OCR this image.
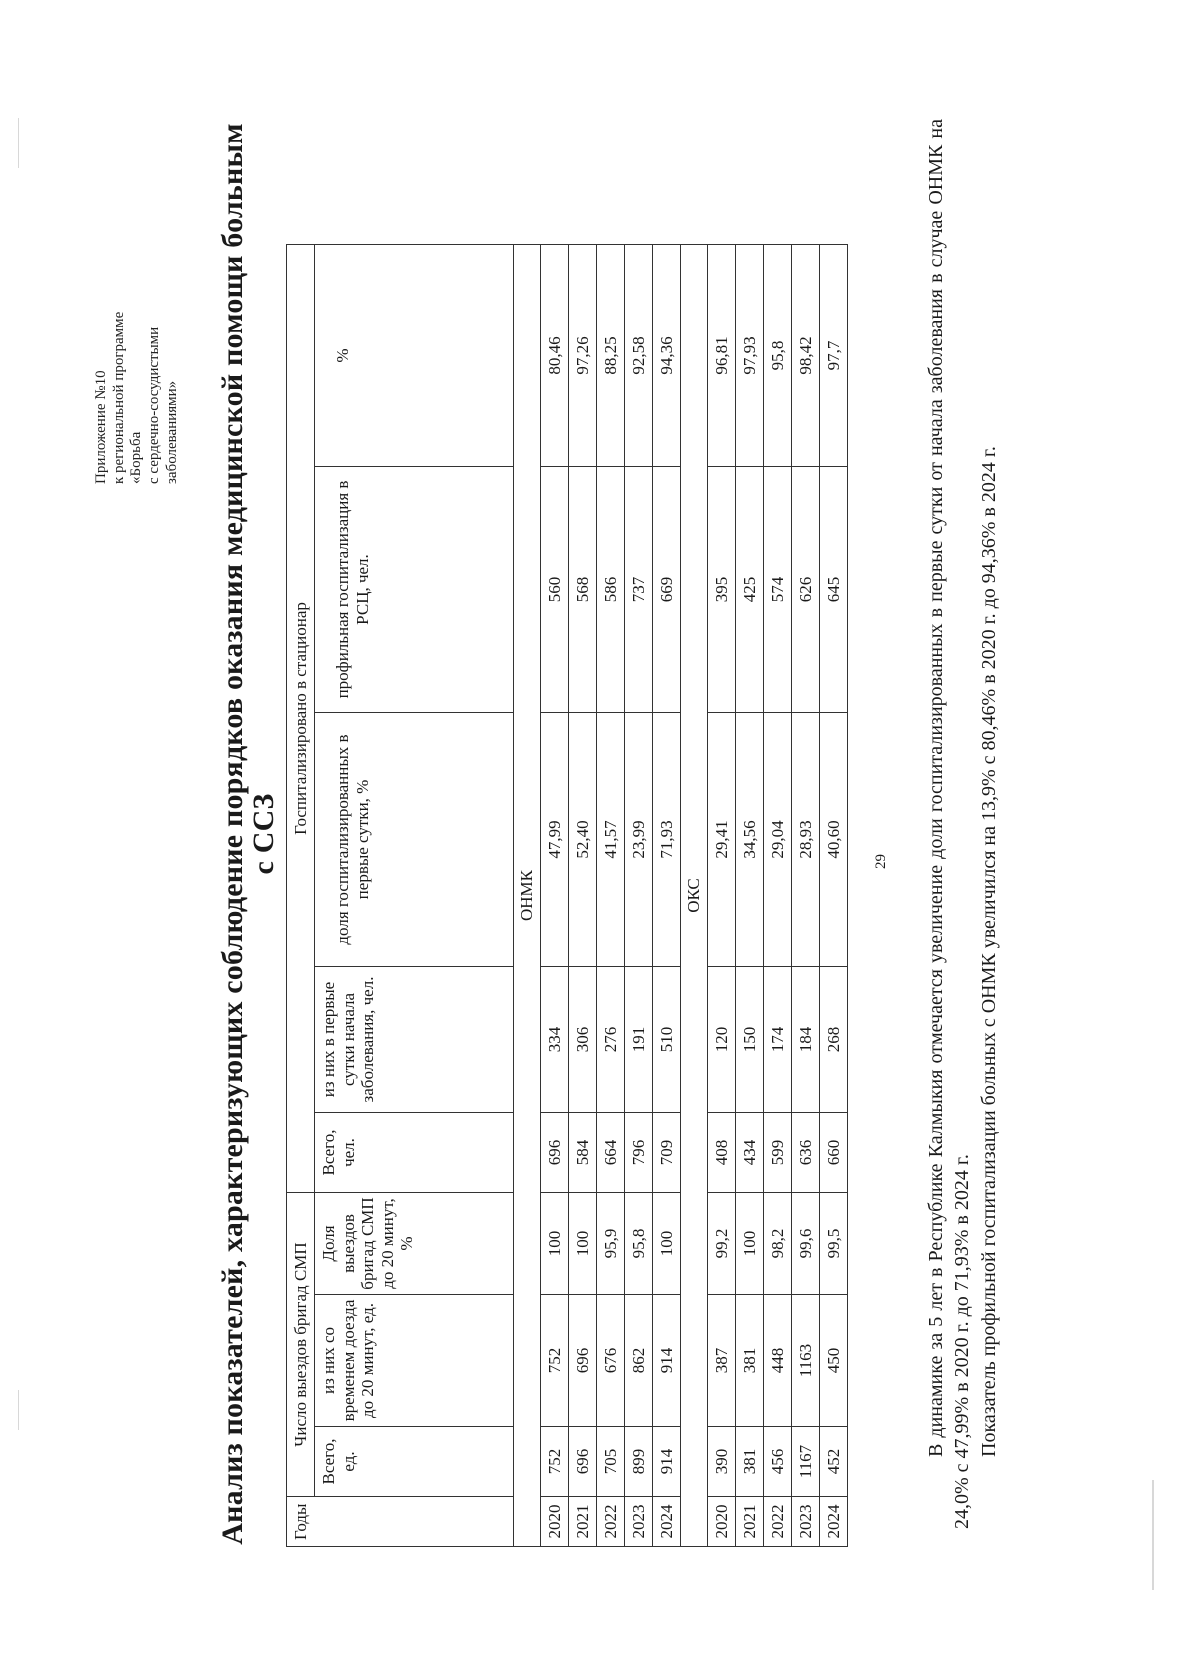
Приложение №10 к региональной программе «Борьба с сердечно-сосудистыми заболеваниями» Анализ показателей, характеризующих соблюдение порядков оказания медицинской помощи больным с ССЗ
Годы	Число выездов бригад СМП			Госпитализировано в стационар				
	Всего, ед.	из них со временем доезда до 20 минут, ед.	Доля выездов бригад СМП до 20 минут, %	Всего, чел.	из них в первые сутки начала заболевания, чел.	доля госпитализированных в первые сутки, %	профильная госпитализация в РСЦ, чел.	%
ОНМК								
2020	752	752	100	696	334	47,99	560	80,46
2021	696	696	100	584	306	52,40	568	97,26
2022	705	676	95,9	664	276	41,57	586	88,25
2023	899	862	95,8	796	191	23,99	737	92,58
2024	914	914	100	709	510	71,93	669	94,36
ОКС								
2020	390	387	99,2	408	120	29,41	395	96,81
2021	381	381	100	434	150	34,56	425	97,93
2022	456	448	98,2	599	174	29,04	574	95,8
2023	1167	1163	99,6	636	184	28,93	626	98,42
2024	452	450	99,5	660	268	40,60	645	97,7
29 В динамике за 5 лет в Республике Калмыкия отмечается увеличение доли госпитализированных в первые сутки от начала заболевания в случае ОНМК на 24,0% с 47,99% в 2020 г. до 71,93% в 2024 г. Показатель профильной госпитализации больных с ОНМК увеличился на 13,9% с 80,46% в 2020 г. до 94,36% в 2024 г.
